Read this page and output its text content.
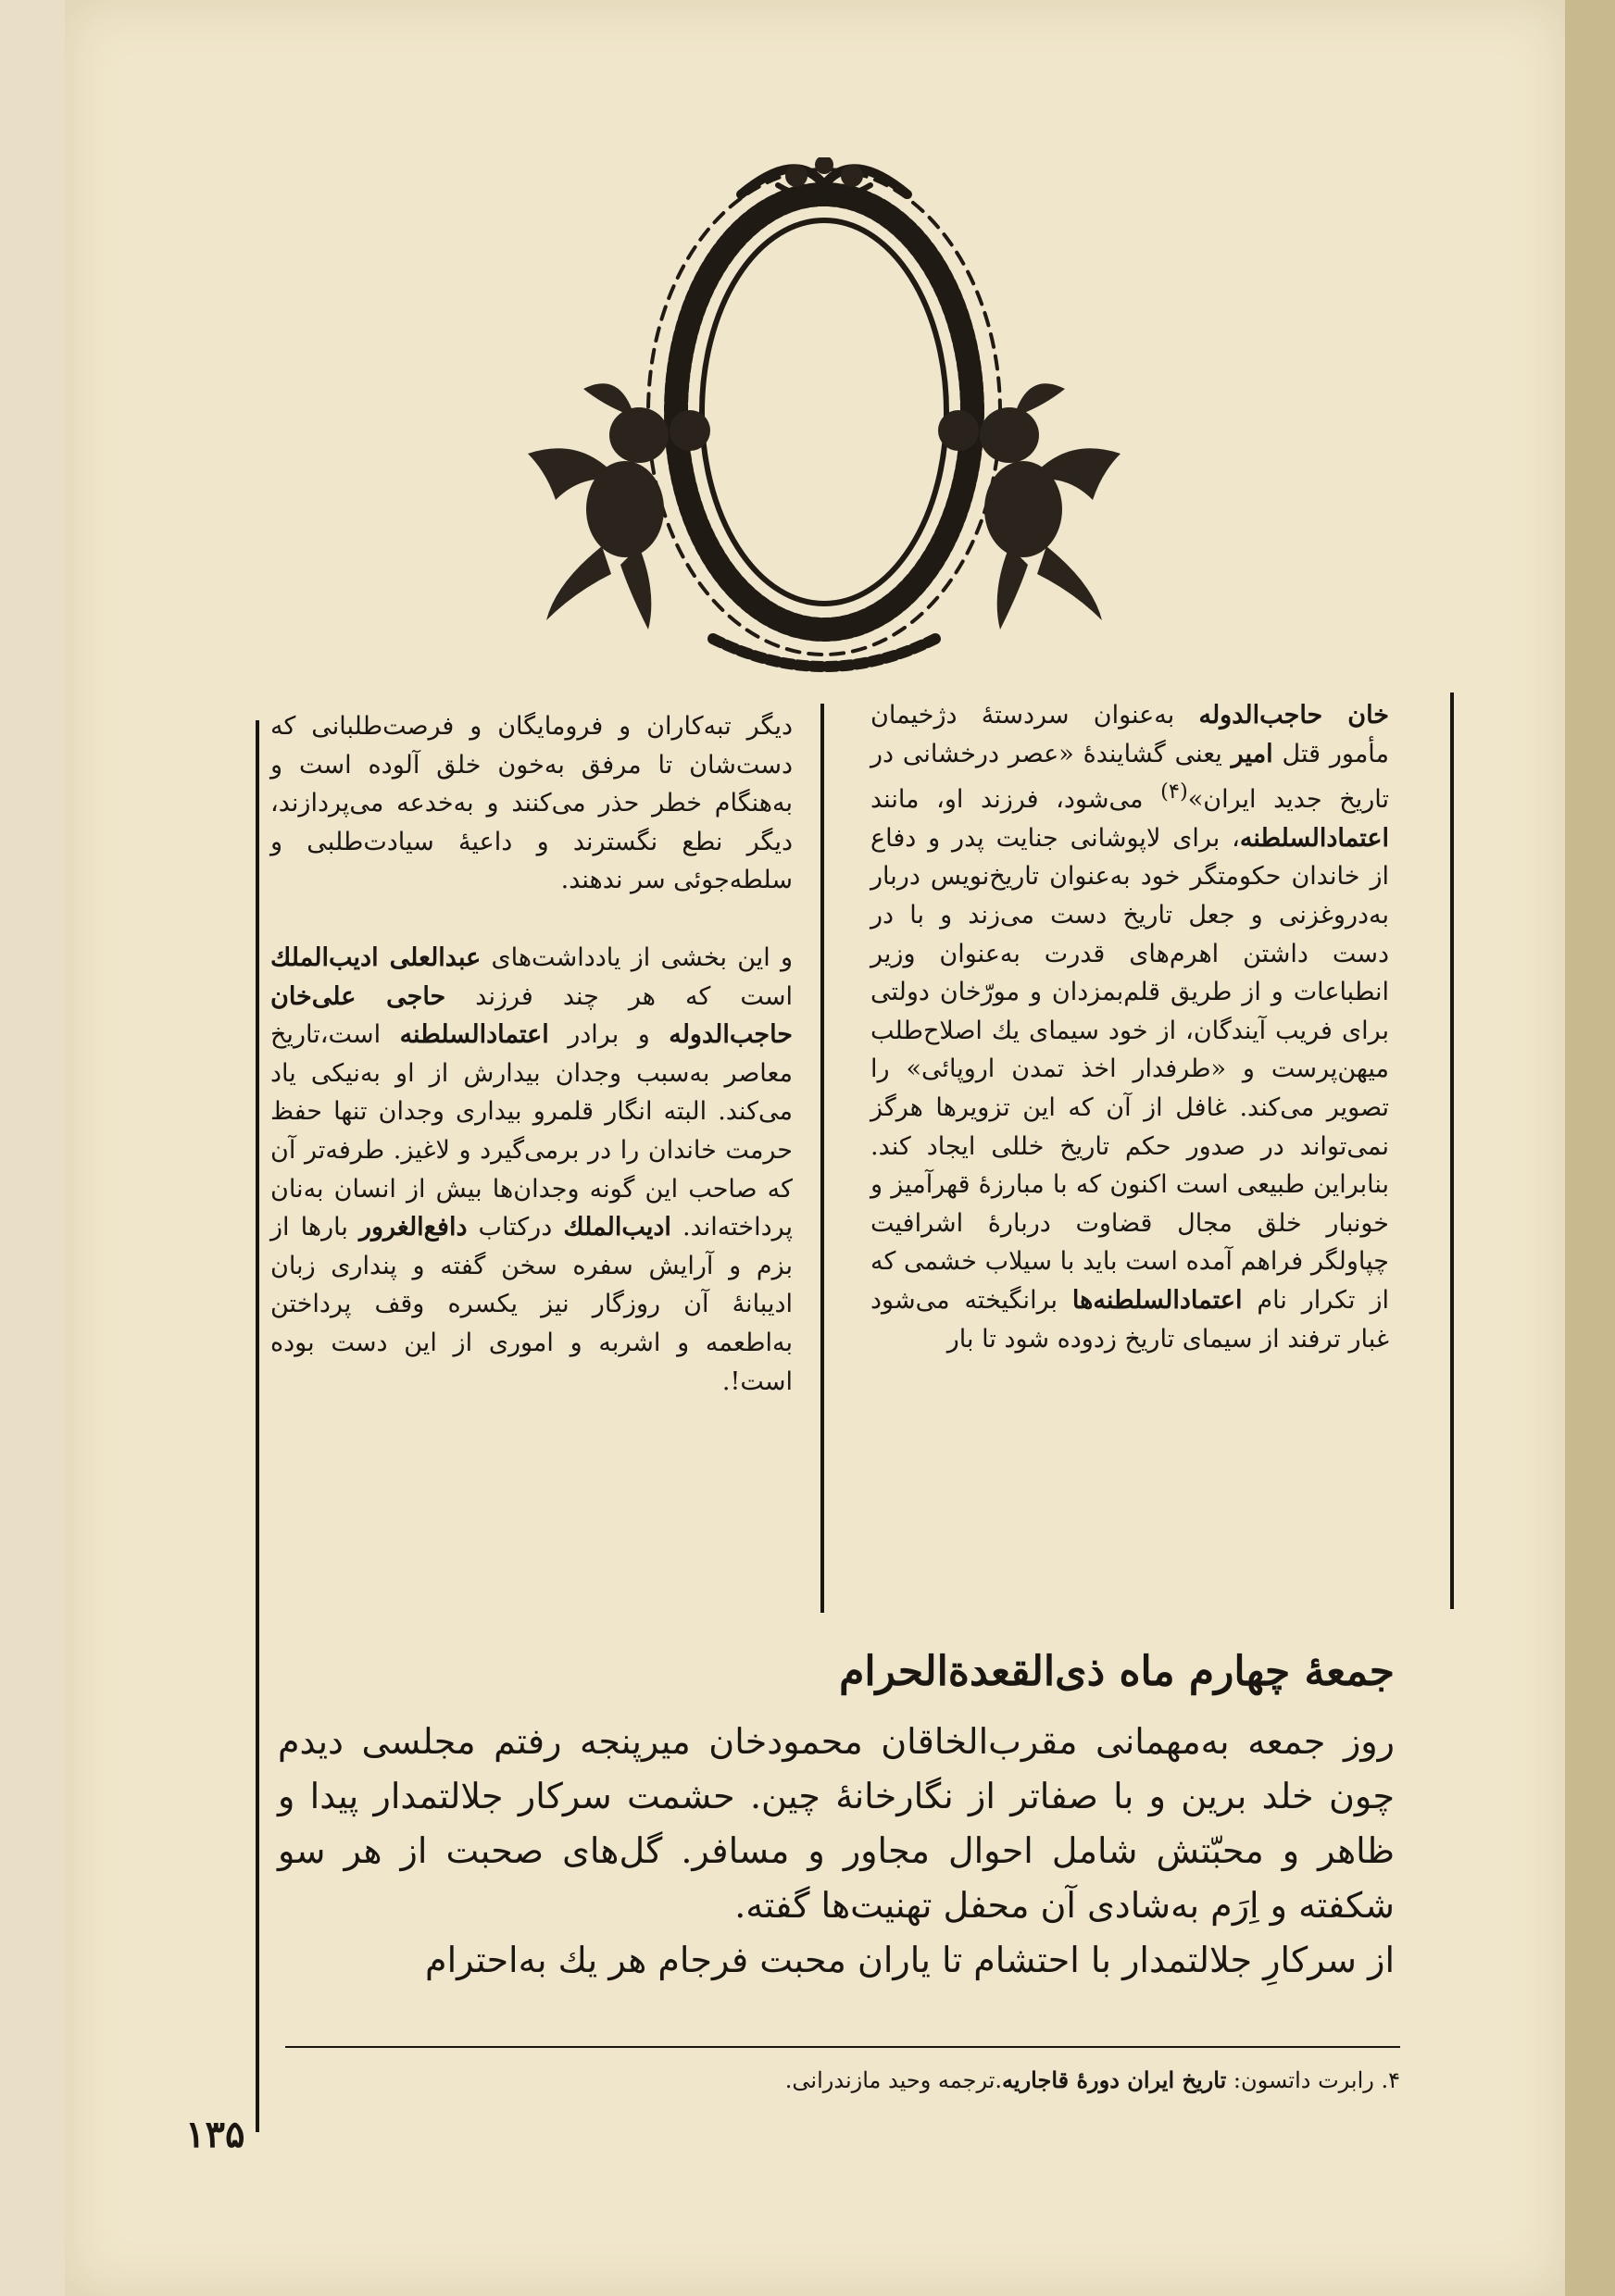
خان حاجب‌الدوله به‌عنوان سردستهٔ دژخیمان مأمور قتل امیر یعنی گشایندهٔ «عصر درخشانی در تاریخ جدید ایران»$^{(۴)}$ می‌شود، فرزند او، مانند اعتمادالسلطنه، برای لاپوشانی جنایت پدر و دفاع از خاندان حکومتگر خود به‌عنوان تاریخ‌نویس دربار به‌دروغزنی و جعل تاریخ دست می‌زند و با در دست داشتن اهرم‌های قدرت به‌عنوان وزیر انطباعات و از طریق قلم‌بمزدان و مورّخان دولتی برای فریب آیندگان، از خود سیمای یك اصلاح‌طلب میهن‌پرست و «طرفدار اخذ تمدن اروپائی» را تصویر می‌کند. غافل از آن که این تزویرها هرگز نمی‌تواند در صدور حکم تاریخ خللی ایجاد کند. بنابراین طبیعی است اکنون که با مبارزهٔ قهرآمیز و خونبار خلق مجال قضاوت دربارهٔ اشرافیت چپاولگر فراهم آمده است باید با سیلاب خشمی که از تکرار نام اعتمادالسلطنه‌ها برانگیخته می‌شود غبار ترفند از سیمای تاریخ زدوده شود تا بار

دیگر تبه‌کاران و فرومایگان و فرصت‌طلبانی که دست‌شان تا مرفق به‌خون خلق آلوده است و به‌هنگام خطر حذر می‌کنند و به‌خدعه می‌پردازند، دیگر نطع نگسترند و داعیهٔ سیادت‌طلبی و سلطه‌جوئی سر ندهند.

و این بخشی از یادداشت‌های عبدالعلی ادیب‌الملك است که هر چند فرزند حاجی علی‌خان حاجب‌الدوله و برادر اعتمادالسلطنه است،تاریخ معاصر به‌سبب وجدان بیدارش از او به‌نیکی یاد می‌کند. البته انگار قلمرو بیداری وجدان تنها حفظ حرمت خاندان را در برمی‌گیرد و لاغیز. طرفه‌تر آن که صاحب این گونه وجدان‌ها بیش از انسان به‌نان پرداخته‌اند. ادیب‌الملك درکتاب دافع‌الغرور بارها از بزم و آرایش سفره سخن گفته و پنداری زبان ادیبانهٔ آن روزگار نیز یکسره وقف پرداختن به‌اطعمه و اشربه و اموری از این دست بوده است!.

جمعهٔ چهارم ماه ذی‌القعدة‌الحرام

روز جمعه به‌مهمانی مقرب‌الخاقان محمودخان میرپنجه رفتم مجلسی دیدم چون خلد برین و با صفاتر از نگارخانهٔ چین. حشمت سرکار جلالتمدار پیدا و ظاهر و محبّتش شامل احوال مجاور و مسافر. گل‌های صحبت از هر سو شکفته و اِرَم به‌شادی آن محفل تهنیت‌ها گفته.

از سرکارِ جلالتمدار با احتشام تا یاران محبت فرجام هر یك به‌احترام

۴. رابرت داتسون: تاریخ ایران دورهٔ قاجاریه.ترجمه وحید مازندرانی.

۱۳۵
